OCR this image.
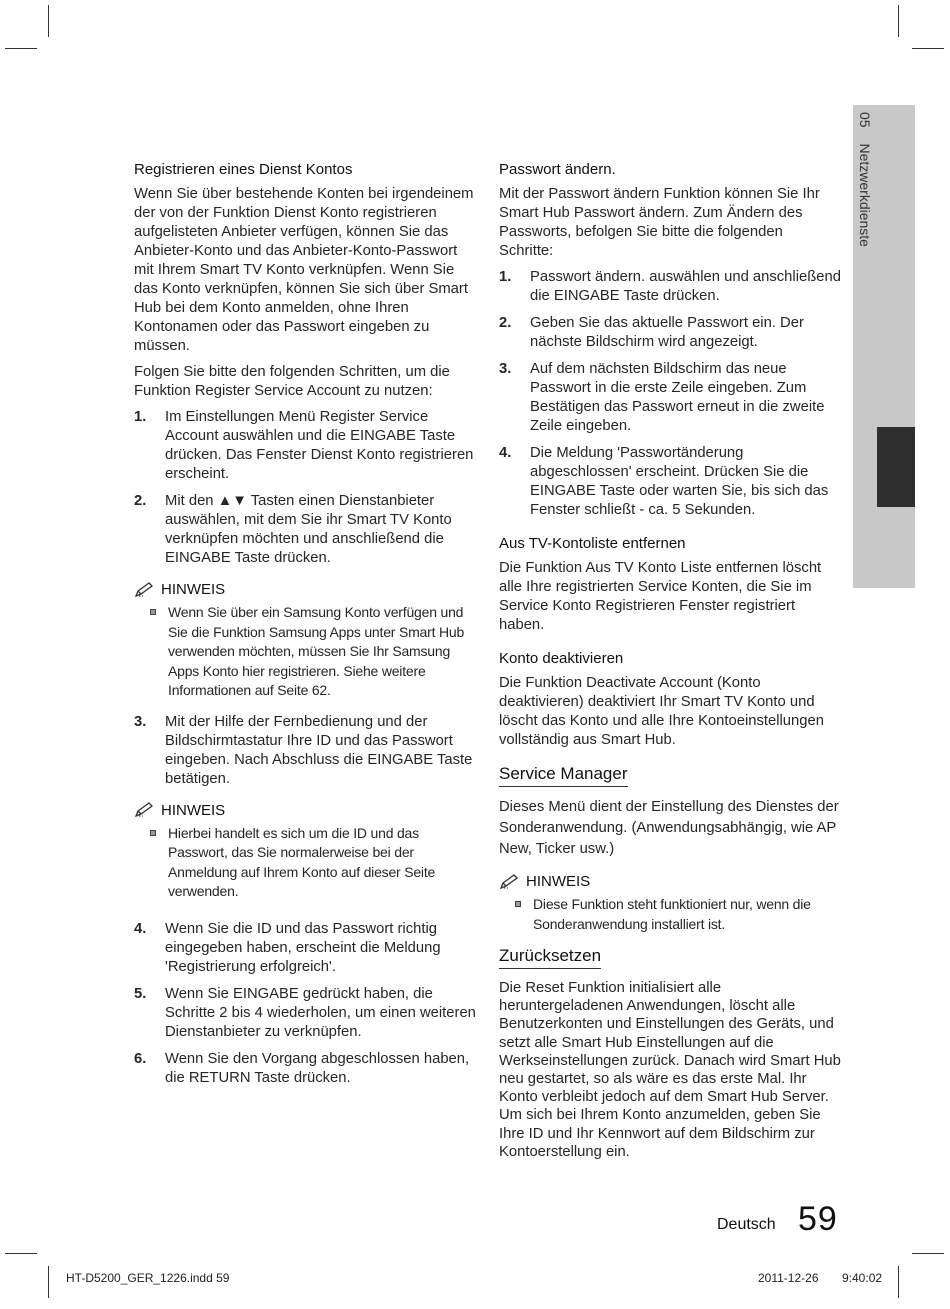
05 Netzwerkdienste
Registrieren eines Dienst Kontos

Wenn Sie über bestehende Konten bei irgendeinem der von der Funktion Dienst Konto registrieren aufgelisteten Anbieter verfügen, können Sie das Anbieter-Konto und das Anbieter-Konto-Passwort mit Ihrem Smart TV Konto verknüpfen. Wenn Sie das Konto verknüpfen, können Sie sich über Smart Hub bei dem Konto anmelden, ohne Ihren Kontonamen oder das Passwort eingeben zu müssen.

Folgen Sie bitte den folgenden Schritten, um die Funktion Register Service Account zu nutzen:

1. Im Einstellungen Menü Register Service Account auswählen und die EINGABE Taste drücken. Das Fenster Dienst Konto registrieren erscheint.
2. Mit den ▲▼ Tasten einen Dienstanbieter auswählen, mit dem Sie ihr Smart TV Konto verknüpfen möchten und anschließend die EINGABE Taste drücken.
HINWEIS
Wenn Sie über ein Samsung Konto verfügen und Sie die Funktion Samsung Apps unter Smart Hub verwenden möchten, müssen Sie Ihr Samsung Apps Konto hier registrieren. Siehe weitere Informationen auf Seite 62.
3. Mit der Hilfe der Fernbedienung und der Bildschirmtastatur Ihre ID und das Passwort eingeben. Nach Abschluss die EINGABE Taste betätigen.
HINWEIS
Hierbei handelt es sich um die ID und das Passwort, das Sie normalerweise bei der Anmeldung auf Ihrem Konto auf dieser Seite verwenden.
4. Wenn Sie die ID und das Passwort richtig eingegeben haben, erscheint die Meldung 'Registrierung erfolgreich'.
5. Wenn Sie EINGABE gedrückt haben, die Schritte 2 bis 4 wiederholen, um einen weiteren Dienstanbieter zu verknüpfen.
6. Wenn Sie den Vorgang abgeschlossen haben, die RETURN Taste drücken.
Passwort ändern.

Mit der Passwort ändern Funktion können Sie Ihr Smart Hub Passwort ändern. Zum Ändern des Passworts, befolgen Sie bitte die folgenden Schritte:

1. Passwort ändern. auswählen und anschließend die EINGABE Taste drücken.
2. Geben Sie das aktuelle Passwort ein. Der nächste Bildschirm wird angezeigt.
3. Auf dem nächsten Bildschirm das neue Passwort in die erste Zeile eingeben. Zum Bestätigen das Passwort erneut in die zweite Zeile eingeben.
4. Die Meldung 'Passwortänderung abgeschlossen' erscheint. Drücken Sie die EINGABE Taste oder warten Sie, bis sich das Fenster schließt - ca. 5 Sekunden.
Aus TV-Kontoliste entfernen

Die Funktion Aus TV Konto Liste entfernen löscht alle Ihre registrierten Service Konten, die Sie im Service Konto Registrieren Fenster registriert haben.

Konto deaktivieren

Die Funktion Deactivate Account (Konto deaktivieren) deaktiviert Ihr Smart TV Konto und löscht das Konto und alle Ihre Kontoeinstellungen vollständig aus Smart Hub.

Service Manager

Dieses Menü dient der Einstellung des Dienstes der Sonderanwendung. (Anwendungsabhängig, wie AP New, Ticker usw.)

HINWEIS
Diese Funktion steht funktioniert nur, wenn die Sonderanwendung installiert ist.
Zurücksetzen

Die Reset Funktion initialisiert alle heruntergeladenen Anwendungen, löscht alle Benutzerkonten und Einstellungen des Geräts, und setzt alle Smart Hub Einstellungen auf die Werkseinstellungen zurück. Danach wird Smart Hub neu gestartet, so als wäre es das erste Mal. Ihr Konto verbleibt jedoch auf dem Smart Hub Server. Um sich bei Ihrem Konto anzumelden, geben Sie Ihre ID und Ihr Kennwort auf dem Bildschirm zur Kontoerstellung ein.

Deutsch 59
HT-D5200_GER_1226.indd 59	2011-12-26 9:40:02
